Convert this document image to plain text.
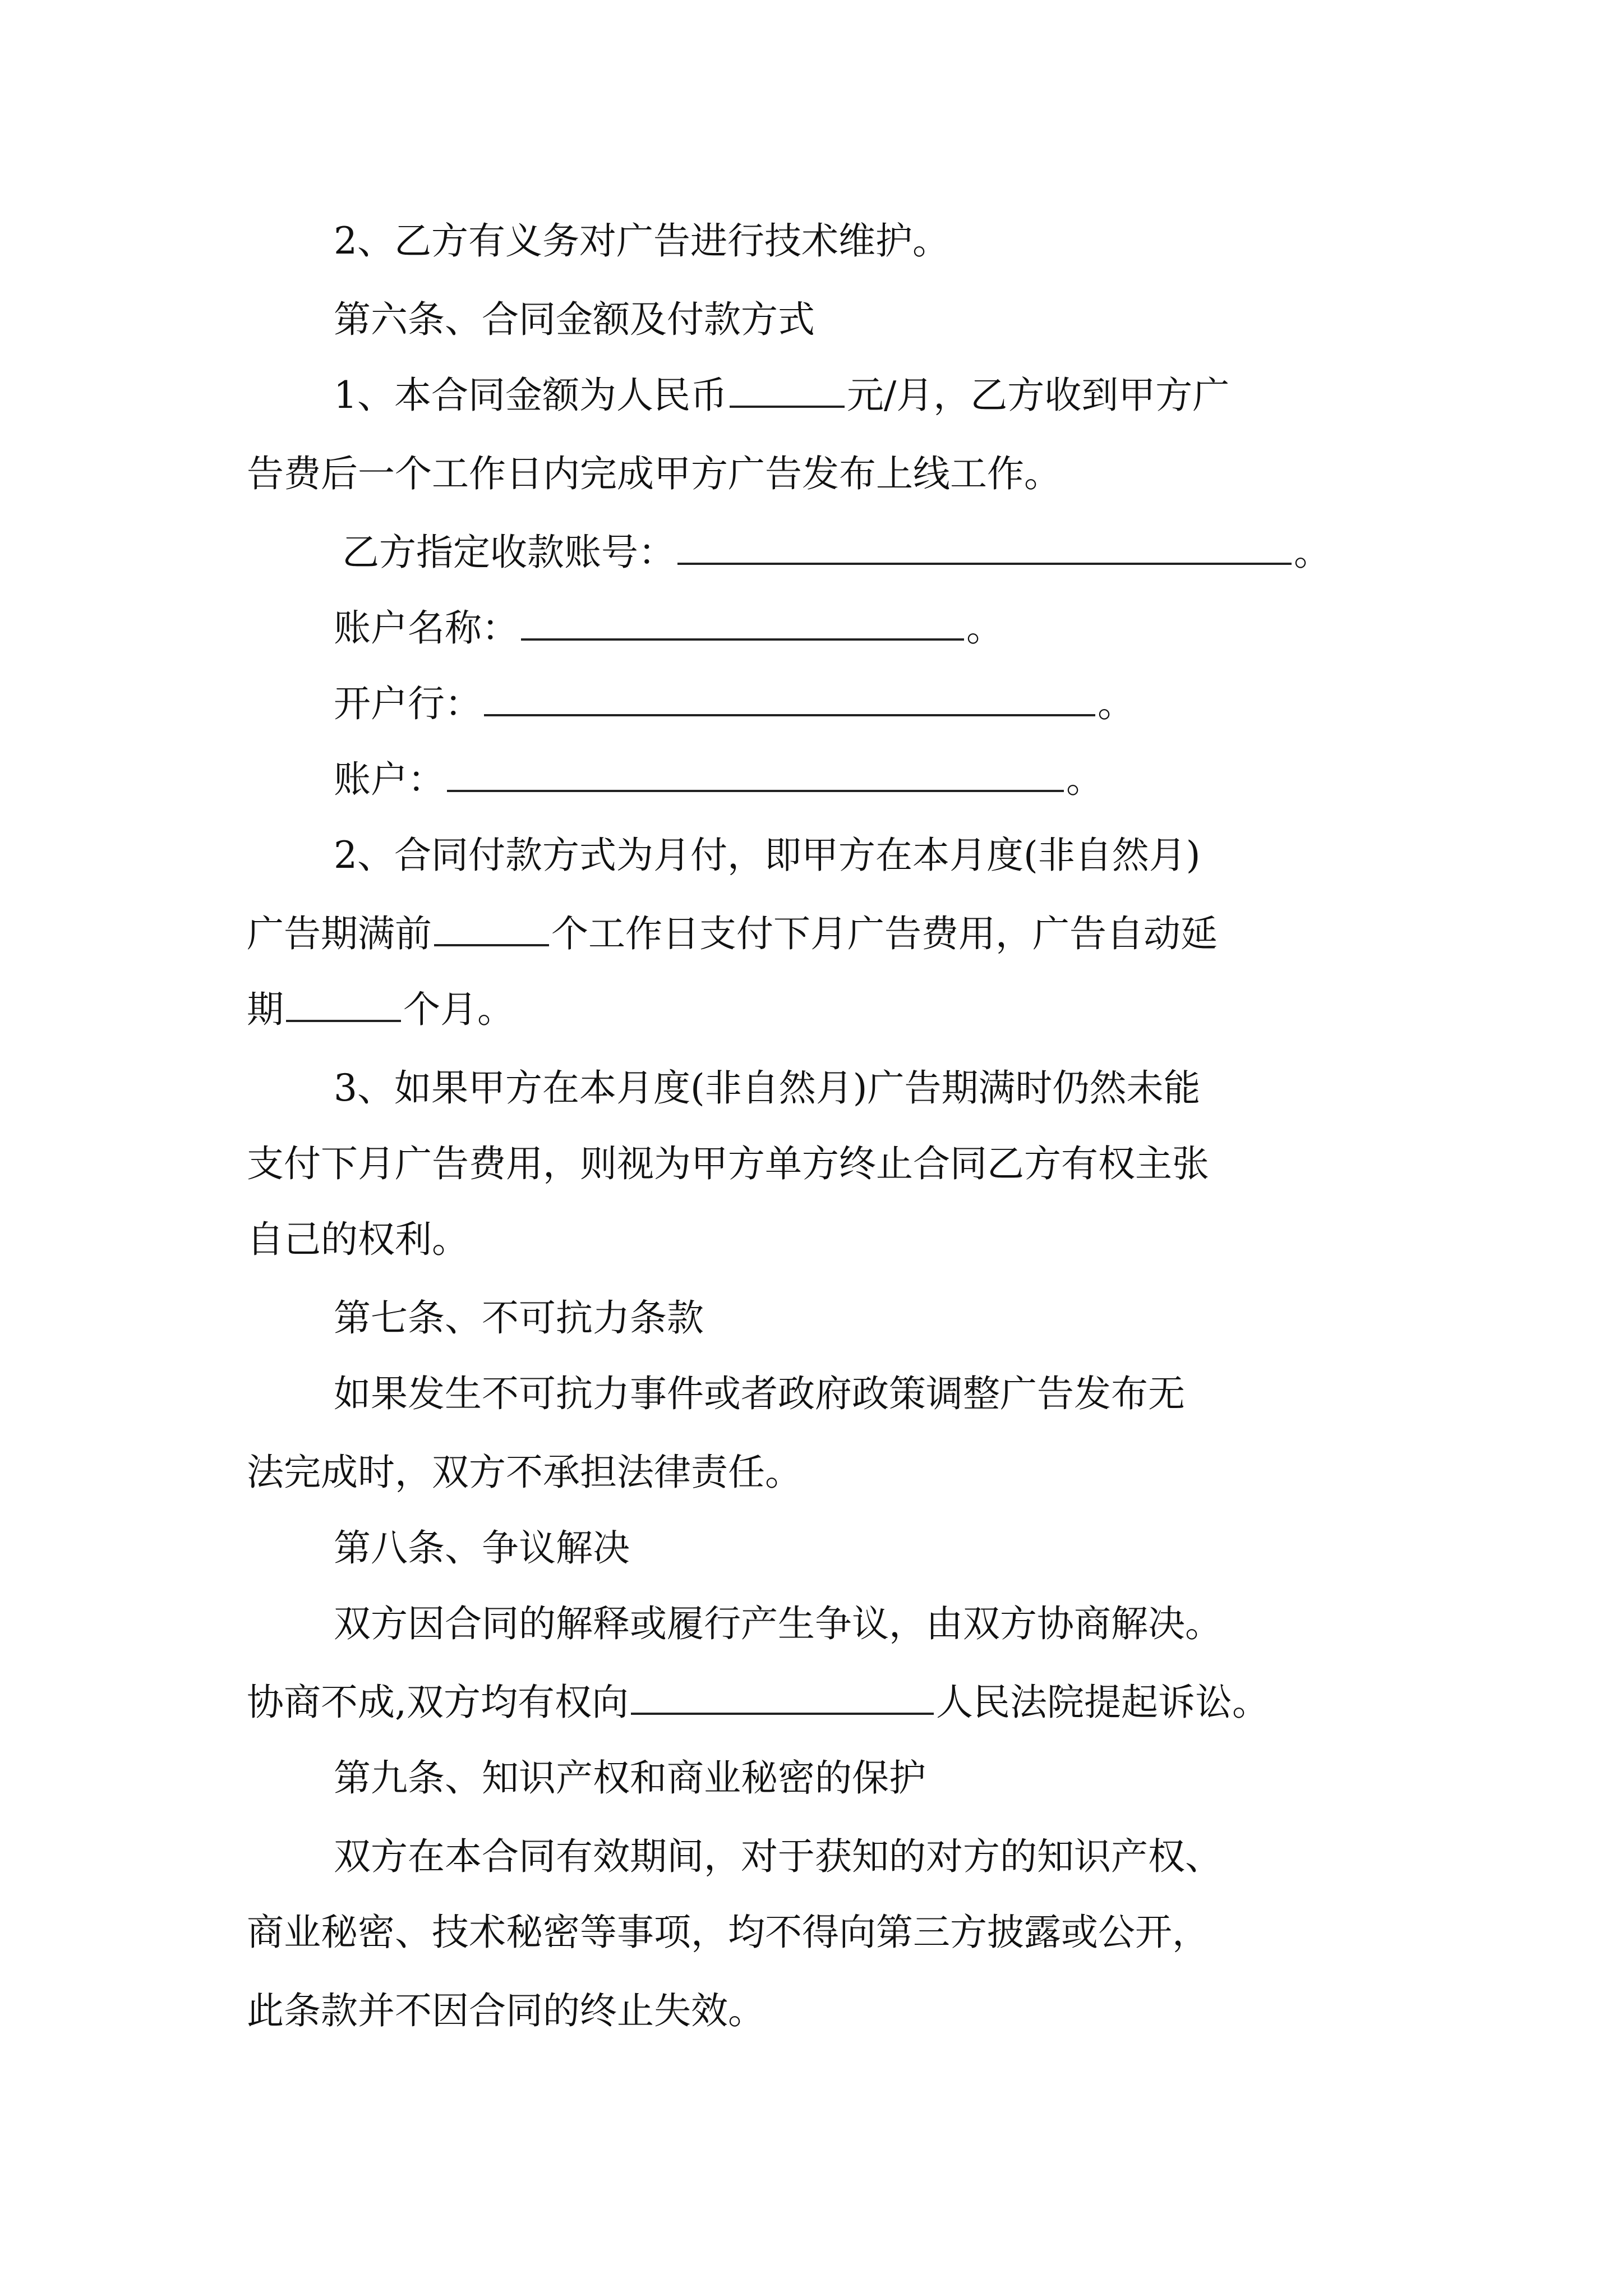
2、乙方有义务对广告进行技术维护。
第六条、合同金额及付款方式
1、本合同金额为人民币	元/月，乙方收到甲方广
告费后一个工作日内完成甲方广告发布上线工作。
乙方指定收款账号：	。
账户名称：	。
开户行：	。
账户：	。
2、合同付款方式为月付，即甲方在本月度(非自然月)
广告期满前	个工作日支付下月广告费用，广告自动延
期	个月。
3、如果甲方在本月度(非自然月)广告期满时仍然未能
支付下月广告费用，则视为甲方单方终止合同乙方有权主张
自己的权利。
第七条、不可抗力条款
如果发生不可抗力事件或者政府政策调整广告发布无
法完成时，双方不承担法律责任。
第八条、争议解决
双方因合同的解释或履行产生争议，由双方协商解决。
协商不成,双方均有权向	人民法院提起诉讼。
第九条、知识产权和商业秘密的保护
双方在本合同有效期间，对于获知的对方的知识产权、
商业秘密、技术秘密等事项，均不得向第三方披露或公开，
此条款并不因合同的终止失效。
